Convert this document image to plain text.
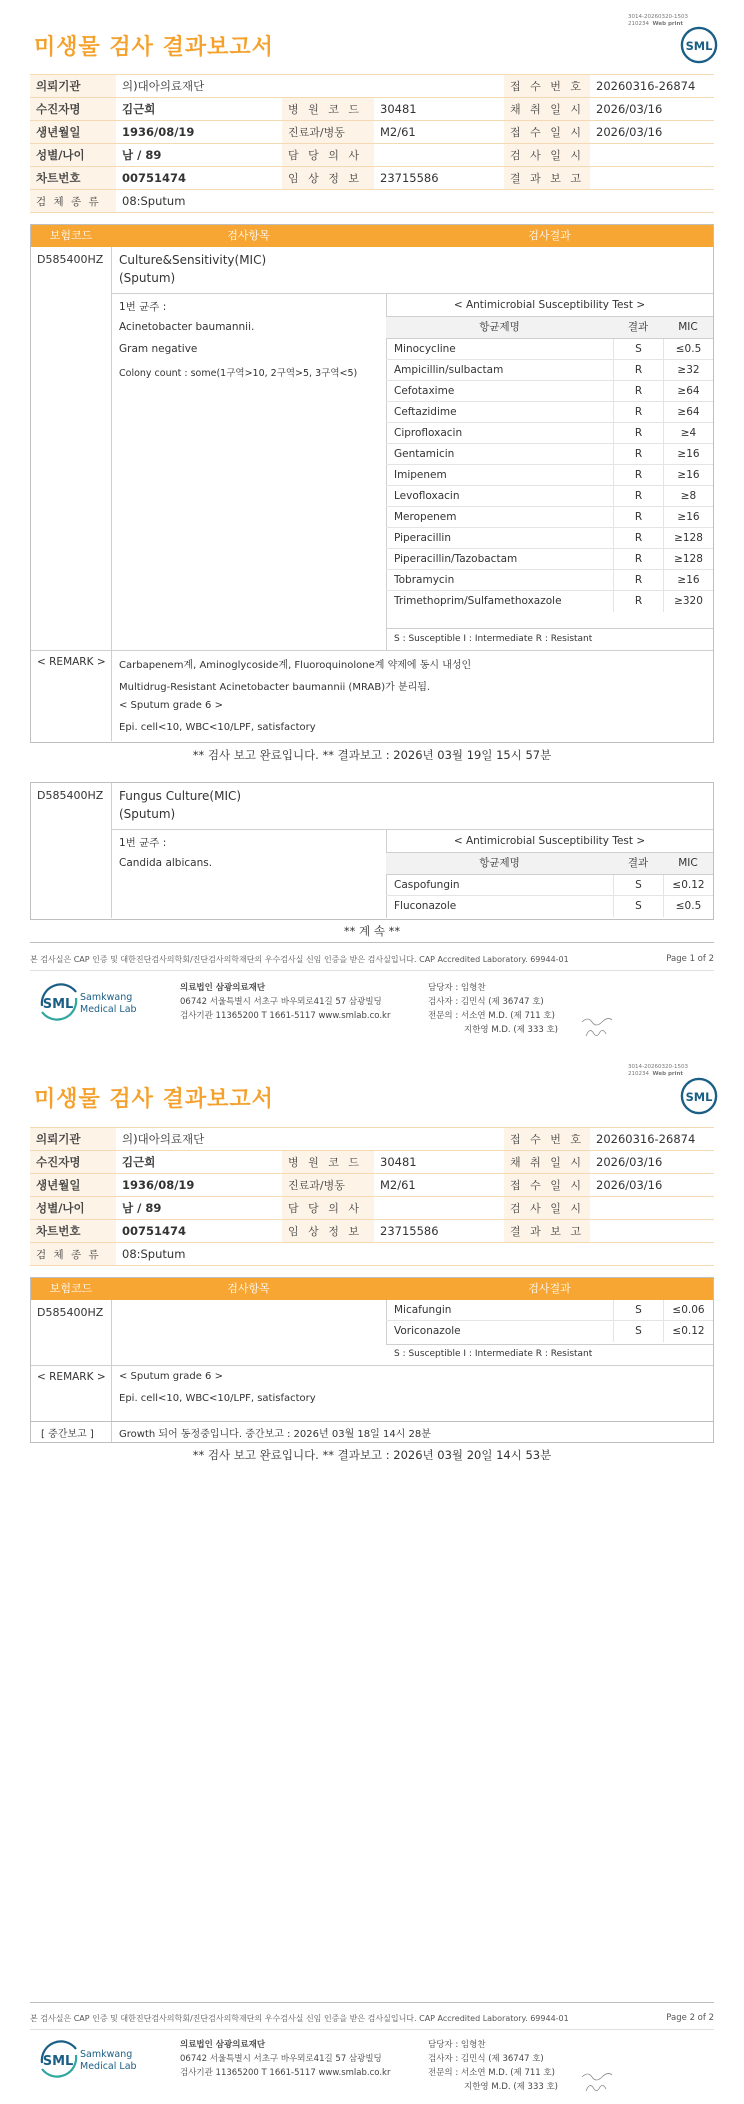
3014-20260320-1503
210234 Web print
SML
미생물 검사 결과보고서
의뢰기관	의)대아의료재단			접 수 번 호	20260316-26874
수진자명	김근희	병 원 코 드	30481	채 취 일 시	2026/03/16
생년월일	1936/08/19	진료과/병동	M2/61	접 수 일 시	2026/03/16
성별/나이	남 / 89	담 당 의 사		검 사 일 시	
차트번호	00751474	임 상 정 보	23715586	결 과 보 고	
검 체 종 류	08:Sputum				
보험코드	검사항목	검사결과
D585400HZ Culture&Sensitivity(MIC)
(Sputum)
1번 균주 :
Acinetobacter baumannii.
Gram negative
Colony count : some(1구역>10, 2구역>5, 3구역<5)
< Antimicrobial Susceptibility Test >
항균제명	결과	MIC
Minocycline	S	≤0.5
Ampicillin/sulbactam	R	≥32
Cefotaxime	R	≥64
Ceftazidime	R	≥64
Ciprofloxacin	R	≥4
Gentamicin	R	≥16
Imipenem	R	≥16
Levofloxacin	R	≥8
Meropenem	R	≥16
Piperacillin	R	≥128
Piperacillin/Tazobactam	R	≥128
Tobramycin	R	≥16
Trimethoprim/Sulfamethoxazole	R	≥320
S : Susceptible I : Intermediate R : Resistant
< REMARK > Carbapenem계, Aminoglycoside계, Fluoroquinolone계 약제에 동시 내성인
Multidrug-Resistant Acinetobacter baumannii (MRAB)가 분리됨.
< Sputum grade 6 >
Epi. cell<10, WBC<10/LPF, satisfactory
** 검사 보고 완료입니다. ** 결과보고 : 2026년 03월 19일 15시 57분
D585400HZ Fungus Culture(MIC)
(Sputum)
1번 균주 :
Candida albicans.
< Antimicrobial Susceptibility Test >
항균제명	결과	MIC
Caspofungin	S	≤0.12
Fluconazole	S	≤0.5
** 계 속 **
본 검사실은 CAP 인증 및 대한진단검사의학회/진단검사의학재단의 우수검사실 신임 인증을 받은 검사실입니다. CAP Accredited Laboratory. 69944-01	Page 1 of 2
SML Samkwang
Medical Lab
의료법인 삼광의료재단
06742 서울특별시 서초구 바우뫼로41길 57 삼광빌딩
검사기관 11365200 T 1661-5117 www.smlab.co.kr
담당자 : 임형찬
검사자 : 김민식 (제 36747 호)
전문의 : 서소연 M.D. (제 711 호)
지한영 M.D. (제 333 호)
3014-20260320-1503
210234 Web print
SML
미생물 검사 결과보고서
의뢰기관	의)대아의료재단			접 수 번 호	20260316-26874
수진자명	김근희	병 원 코 드	30481	채 취 일 시	2026/03/16
생년월일	1936/08/19	진료과/병동	M2/61	접 수 일 시	2026/03/16
성별/나이	남 / 89	담 당 의 사		검 사 일 시	
차트번호	00751474	임 상 정 보	23715586	결 과 보 고	
검 체 종 류	08:Sputum				
보험코드	검사항목	검사결과
D585400HZ	Micafungin	S	≤0.06
Voriconazole	S	≤0.12
S : Susceptible I : Intermediate R : Resistant
< REMARK > < Sputum grade 6 >
Epi. cell<10, WBC<10/LPF, satisfactory
[ 중간보고 ]	Growth 되어 동정중입니다. 중간보고 : 2026년 03월 18일 14시 28분
** 검사 보고 완료입니다. ** 결과보고 : 2026년 03월 20일 14시 53분
본 검사실은 CAP 인증 및 대한진단검사의학회/진단검사의학재단의 우수검사실 신임 인증을 받은 검사실입니다. CAP Accredited Laboratory. 69944-01	Page 2 of 2
SML Samkwang
Medical Lab
의료법인 삼광의료재단
06742 서울특별시 서초구 바우뫼로41길 57 삼광빌딩
검사기관 11365200 T 1661-5117 www.smlab.co.kr
담당자 : 임형찬
검사자 : 김민식 (제 36747 호)
전문의 : 서소연 M.D. (제 711 호)
지한영 M.D. (제 333 호)
